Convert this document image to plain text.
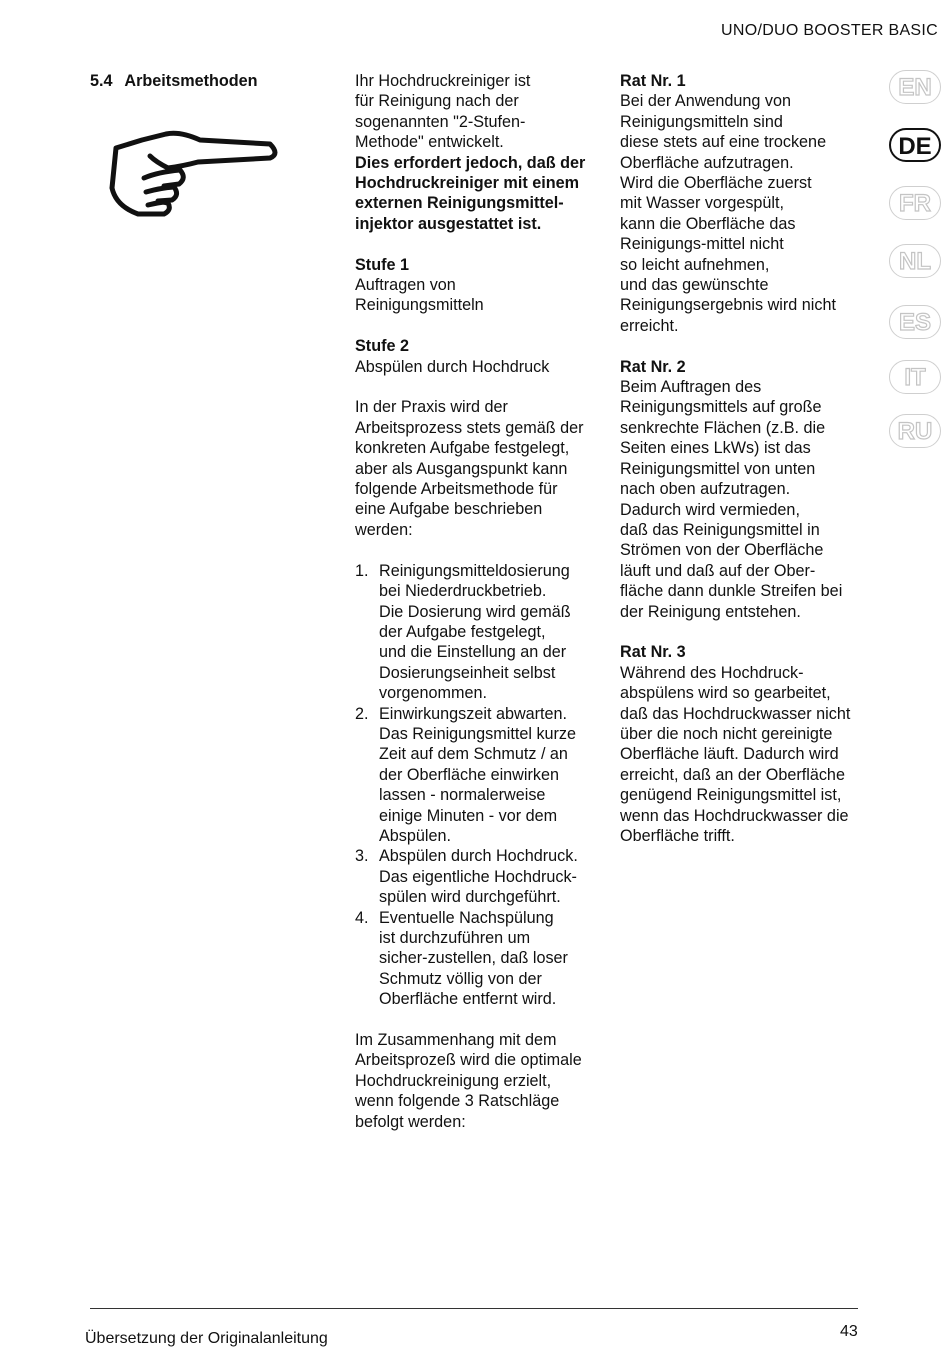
UNO/DUO BOOSTER BASIC
5.4 Arbeitsmethoden	Ihr Hochdruckreiniger ist

für Reinigung nach der

sogenannten "2-Stufen-

Methode" entwickelt.

Dies erfordert jedoch, daß der

Hochdruckreiniger mit einem

externen Reinigungsmittel-

injektor ausgestattet ist.

Stufe 1

Auftragen von

Reinigungsmitteln

Stufe 2

Abspülen durch Hochdruck

In der Praxis wird der

Arbeitsprozess stets gemäß der

konkreten Aufgabe festgelegt,

aber als Ausgangspunkt kann

folgende Arbeitsmethode für

eine Aufgabe beschrieben

werden:

1. Reinigungsmitteldosierung

bei Niederdruckbetrieb.

Die Dosierung wird gemäß

der Aufgabe festgelegt,

und die Einstellung an der

Dosierungseinheit selbst

vorgenommen.

2. Einwirkungszeit abwarten.

Das Reinigungsmittel kurze

Zeit auf dem Schmutz / an

der Oberfläche einwirken

lassen - normalerweise

einige Minuten - vor dem

Abspülen.

3. Abspülen durch Hochdruck.

Das eigentliche Hochdruck-

spülen wird durchgeführt.

4. Eventuelle Nachspülung

ist durchzuführen um

sicher-zustellen, daß loser

Schmutz völlig von der

Oberfläche entfernt wird.

Im Zusammenhang mit dem

Arbeitsprozeß wird die optimale

Hochdruckreinigung erzielt,

wenn folgende 3 Ratschläge

befolgt werden:

Rat Nr. 1

Bei der Anwendung von

Reinigungsmitteln sind

diese stets auf eine trockene

Oberfläche aufzutragen.

Wird die Oberfläche zuerst

mit Wasser vorgespült,

kann die Oberfläche das

Reinigungs-mittel nicht

so leicht aufnehmen,

und das gewünschte

Reinigungsergebnis wird nicht

erreicht.

Rat Nr. 2

Beim Auftragen des

Reinigungsmittels auf große

senkrechte Flächen (z.B. die

Seiten eines LkWs) ist das

Reinigungsmittel von unten

nach oben aufzutragen.

Dadurch wird vermieden,

daß das Reinigungsmittel in

Strömen von der Oberfläche

läuft und daß auf der Ober-

fläche dann dunkle Streifen bei

der Reinigung entstehen.

Rat Nr. 3

Während des Hochdruck-

abspülens wird so gearbeitet,

daß das Hochdruckwasser nicht

über die noch nicht gereinigte

Oberfläche läuft. Dadurch wird

erreicht, daß an der Oberfläche

genügend Reinigungsmittel ist,

wenn das Hochdruckwasser die

Oberfläche trifft.

EN
DE
FR
NL
ES
IT
RU
Übersetzung der Originalanleitung	43
